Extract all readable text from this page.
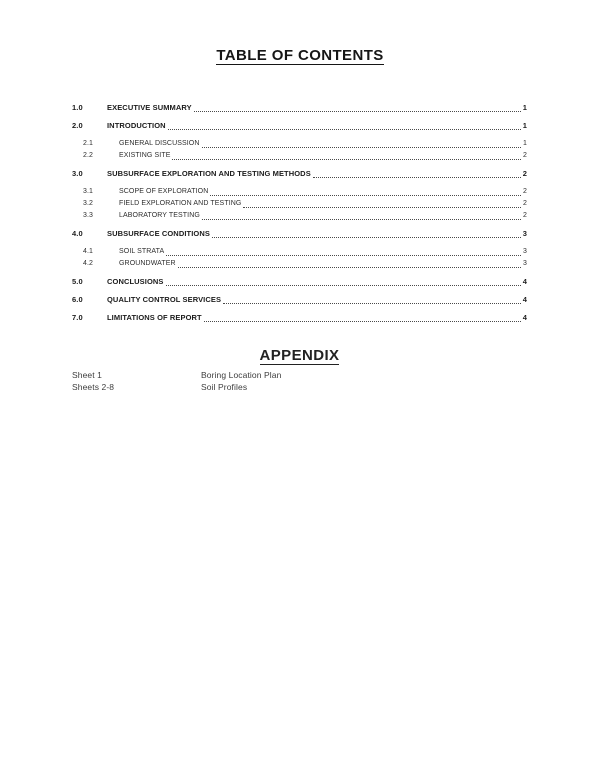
TABLE OF CONTENTS
1.0	EXECUTIVE SUMMARY	1
2.0	INTRODUCTION	1
2.1	GENERAL DISCUSSION	1
2.2	EXISTING SITE	2
3.0	SUBSURFACE EXPLORATION AND TESTING METHODS	2
3.1	SCOPE OF EXPLORATION	2
3.2	FIELD EXPLORATION AND TESTING	2
3.3	LABORATORY TESTING	2
4.0	SUBSURFACE CONDITIONS	3
4.1	SOIL STRATA	3
4.2	GROUNDWATER	3
5.0	CONCLUSIONS	4
6.0	QUALITY CONTROL SERVICES	4
7.0	LIMITATIONS OF REPORT	4
APPENDIX
Sheet 1	Boring Location Plan
Sheets 2-8	Soil Profiles
